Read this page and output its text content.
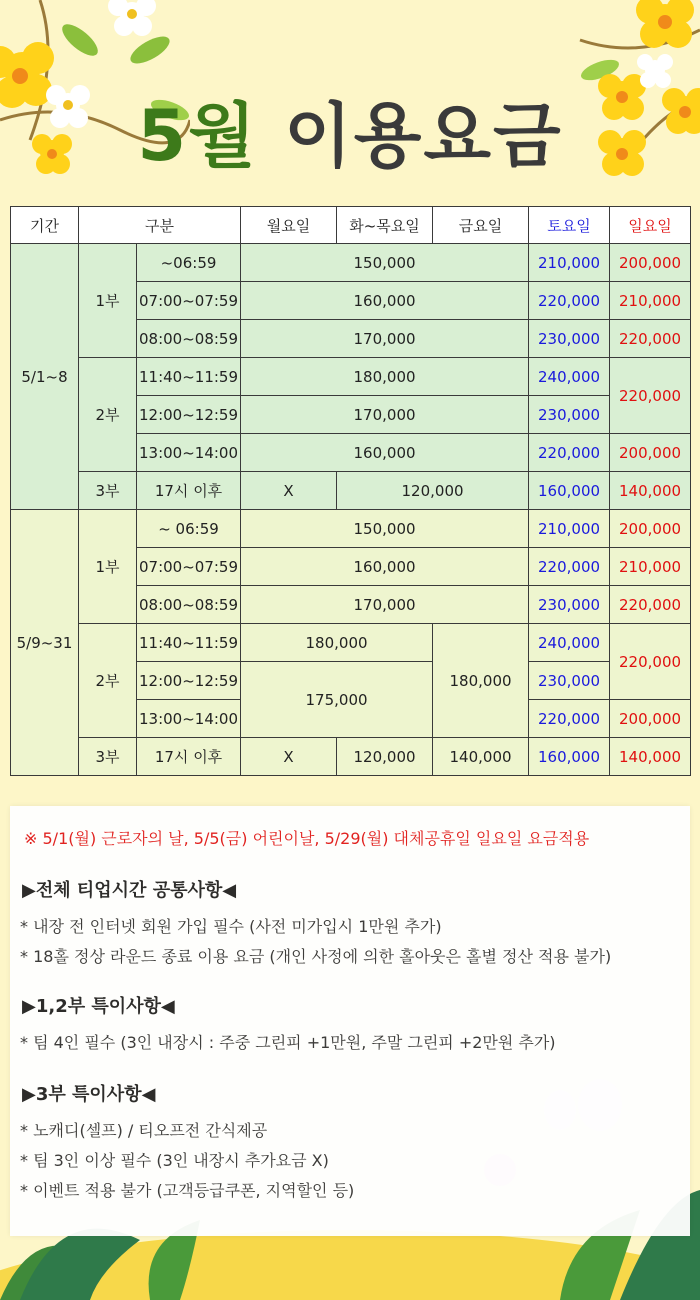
5월 이용요금
기간	구분		월요일	화~목요일	금요일	토요일	일요일
5/1~8	1부	~06:59	150,000			210,000	200,000
		07:00~07:59	160,000			220,000	210,000
		08:00~08:59	170,000			230,000	220,000
	2부	11:40~11:59	180,000			240,000	220,000
		12:00~12:59	170,000			230,000	
		13:00~14:00	160,000			220,000	200,000
	3부	17시 이후	X	120,000		160,000	140,000
5/9~31	1부	~ 06:59	150,000			210,000	200,000
		07:00~07:59	160,000			220,000	210,000
		08:00~08:59	170,000			230,000	220,000
	2부	11:40~11:59	180,000		180,000	240,000	220,000
		12:00~12:59	175,000			230,000	
		13:00~14:00				220,000	200,000
	3부	17시 이후	X	120,000	140,000	160,000	140,000
※ 5/1(월) 근로자의 날, 5/5(금) 어린이날, 5/29(월) 대체공휴일 일요일 요금적용
▶전체 티업시간 공통사항◀
* 내장 전 인터넷 회원 가입 필수 (사전 미가입시 1만원 추가)
* 18홀 정상 라운드 종료 이용 요금 (개인 사정에 의한 홀아웃은 홀별 정산 적용 불가)
▶1,2부 특이사항◀
* 팀 4인 필수 (3인 내장시 : 주중 그린피 +1만원, 주말 그린피 +2만원 추가)
▶3부 특이사항◀
* 노캐디(셀프) / 티오프전 간식제공
* 팀 3인 이상 필수 (3인 내장시 추가요금 X)
* 이벤트 적용 불가 (고객등급쿠폰, 지역할인 등)
